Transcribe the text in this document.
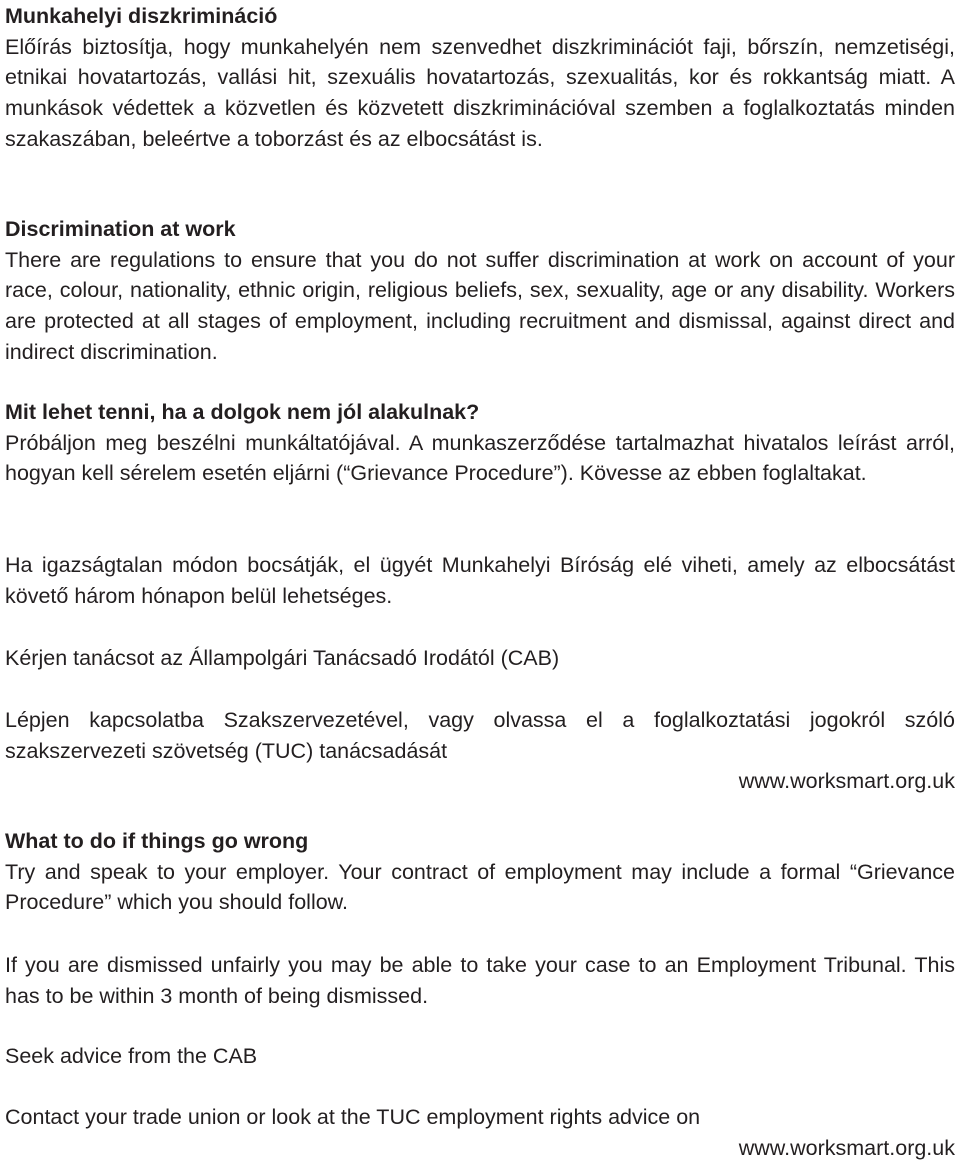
Munkahelyi diszkrimináció
Előírás biztosítja, hogy munkahelyén nem szenvedhet diszkriminációt faji, bőrszín, nemzetiségi, etnikai hovatartozás, vallási hit, szexuális hovatartozás, szexualitás, kor és rokkantság miatt. A munkások védettek a közvetlen és közvetett diszkriminációval szemben a foglalkoztatás minden szakaszában, beleértve a toborzást és az elbocsátást is.
Discrimination at work
There are regulations to ensure that you do not suffer discrimination at work on account of your race, colour, nationality, ethnic origin, religious beliefs, sex, sexuality, age or any disability. Workers are protected at all stages of employment, including recruitment and dismissal, against direct and indirect discrimination.
Mit lehet tenni, ha a dolgok nem jól alakulnak?
Próbáljon meg beszélni munkáltatójával. A munkaszerződése tartalmazhat hivatalos leírást arról, hogyan kell sérelem esetén eljárni (“Grievance Procedure”). Kövesse az ebben foglaltakat.
Ha igazságtalan módon bocsátják, el ügyét Munkahelyi Bíróság elé viheti, amely az elbocsátást követő három hónapon belül lehetséges.
Kérjen tanácsot az Állampolgári Tanácsadó Irodától (CAB)
Lépjen kapcsolatba Szakszervezetével, vagy olvassa el a foglalkoztatási jogokról szóló szakszervezeti szövetség (TUC) tanácsadását
www.worksmart.org.uk
What to do if things go wrong
Try and speak to your employer. Your contract of employment may include a formal “Grievance Procedure” which you should follow.
If you are dismissed unfairly you may be able to take your case to an Employment Tribunal. This has to be within 3 month of being dismissed.
Seek advice from the CAB
Contact your trade union or look at the TUC employment rights advice on
www.worksmart.org.uk
